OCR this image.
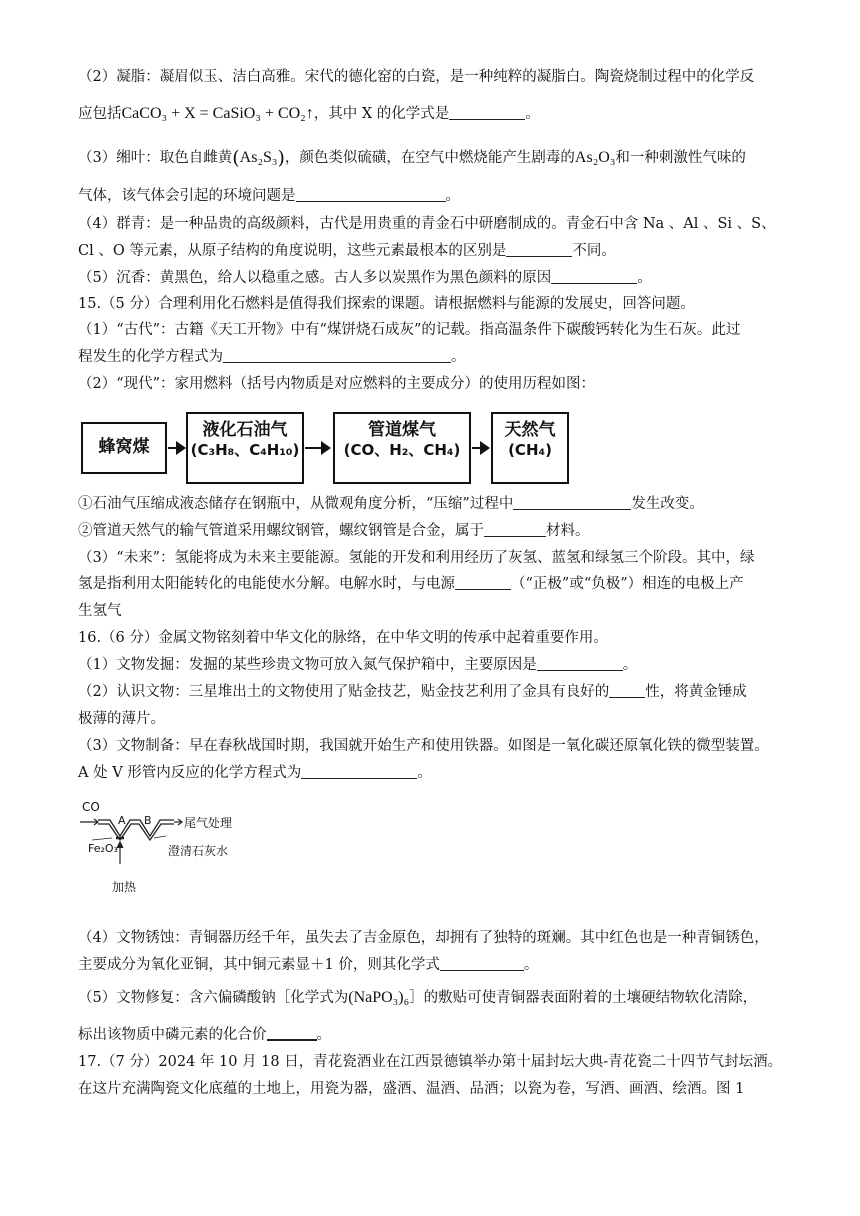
（2）凝脂：凝眉似玉、洁白高雅。宋代的德化窑的白瓷，是一种纯粹的凝脂白。陶瓷烧制过程中的化学反
应包括CaCO₃ + X = CaSiO₃ + CO₂↑，其中 X 的化学式是	。
（3）缃叶：取色自雌黄(As₂S₃)，颜色类似硫磺，在空气中燃烧能产生剧毒的As₂O₃和一种刺激性气味的
气体，该气体会引起的环境问题是	。
（4）群青：是一种品贵的高级颜料，古代是用贵重的青金石中研磨制成的。青金石中含 Na 、Al 、Si 、S、
Cl 、O 等元素，从原子结构的角度说明，这些元素最根本的区别是	不同。
（5）沉香：黄黑色，给人以稳重之感。古人多以炭黑作为黑色颜料的原因	。
15.（5 分）合理利用化石燃料是值得我们探索的课题。请根据燃料与能源的发展史，回答问题。
（1）“古代”：古籍《天工开物》中有“煤饼烧石成灰”的记载。指高温条件下碳酸钙转化为生石灰。此过
程发生的化学方程式为	。
（2）“现代”：家用燃料（括号内物质是对应燃料的主要成分）的使用历程如图：
蜂窝煤
液化石油气
(C₃H₈、C₄H₁₀)
管道煤气
(CO、H₂、CH₄)
天然气
(CH₄)
①石油气压缩成液态储存在钢瓶中，从微观角度分析，“压缩”过程中	发生改变。
②管道天然气的输气管道采用螺纹钢管，螺纹钢管是合金，属于	材料。
（3）“未来”：氢能将成为未来主要能源。氢能的开发和利用经历了灰氢、蓝氢和绿氢三个阶段。其中，绿
氢是指利用太阳能转化的电能使水分解。电解水时，与电源	（“正极”或“负极”）相连的电极上产
生氢气
16.（6 分）金属文物铭刻着中华文化的脉络，在中华文明的传承中起着重要作用。
（1）文物发掘：发掘的某些珍贵文物可放入氮气保护箱中，主要原因是	。
（2）认识文物：三星堆出土的文物使用了贴金技艺，贴金技艺利用了金具有良好的 性，将黄金锤成
极薄的薄片。
（3）文物制备：早在春秋战国时期，我国就开始生产和使用铁器。如图是一氧化碳还原氧化铁的微型装置。
A 处 V 形管内反应的化学方程式为	。
CO
A B	尾气处理
Fe₂O₃	澄清石灰水
加热
（4）文物锈蚀：青铜器历经千年，虽失去了吉金原色，却拥有了独特的斑斓。其中红色也是一种青铜锈色，
主要成分为氧化亚铜，其中铜元素显＋1 价，则其化学式	。
（5）文物修复：含六偏磷酸钠［化学式为(NaPO₃)₆］的敷贴可使青铜器表面附着的土壤硬结物软化清除，
标出该物质中磷元素的化合价	。
17.（7 分）2024 年 10 月 18 日，青花瓷酒业在江西景德镇举办第十届封坛大典-青花瓷二十四节气封坛酒。
在这片充满陶瓷文化底蕴的土地上，用瓷为器，盛酒、温酒、品酒；以瓷为卷，写酒、画酒、绘酒。图 1
